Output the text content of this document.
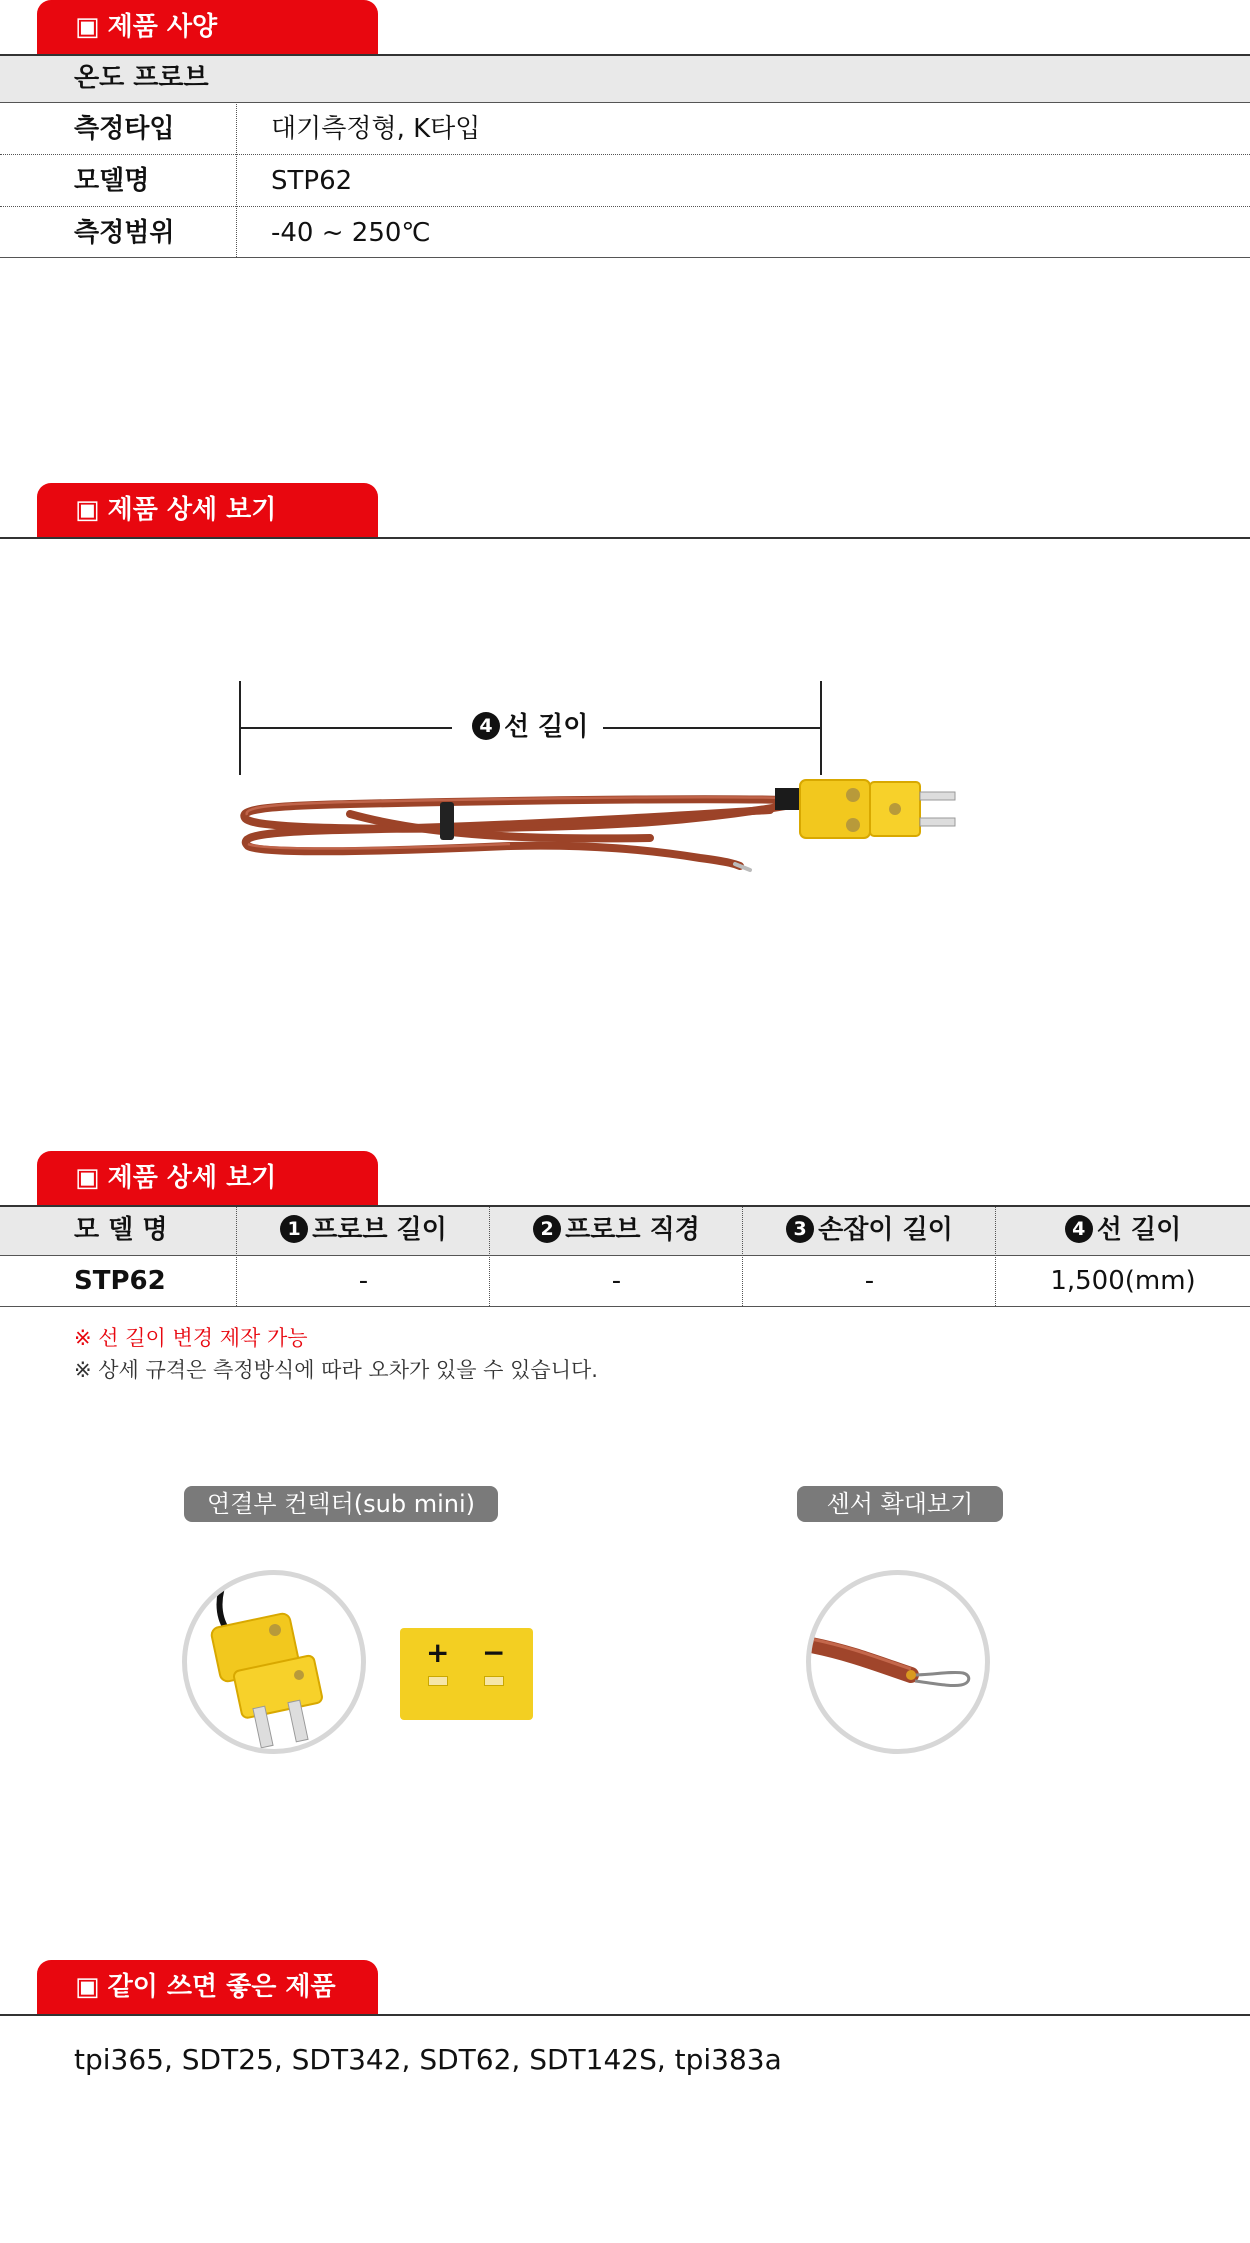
▣ 제품 사양
온도 프로브
측정타입	대기측정형, K타입
모델명	STP62
측정범위	-40 ~ 250℃
▣ 제품 상세 보기
4 선 길이
▣ 제품 상세 보기
모 델 명	1 프로브 길이	2 프로브 직경	3 손잡이 길이	4 선 길이
STP62	-	-	-	1,500(mm)
※ 선 길이 변경 제작 가능
※ 상세 규격은 측정방식에 따라 오차가 있을 수 있습니다.
연결부 컨텍터(sub mini)	센서 확대보기
+ −
▣ 같이 쓰면 좋은 제품
tpi365, SDT25, SDT342, SDT62, SDT142S, tpi383a
